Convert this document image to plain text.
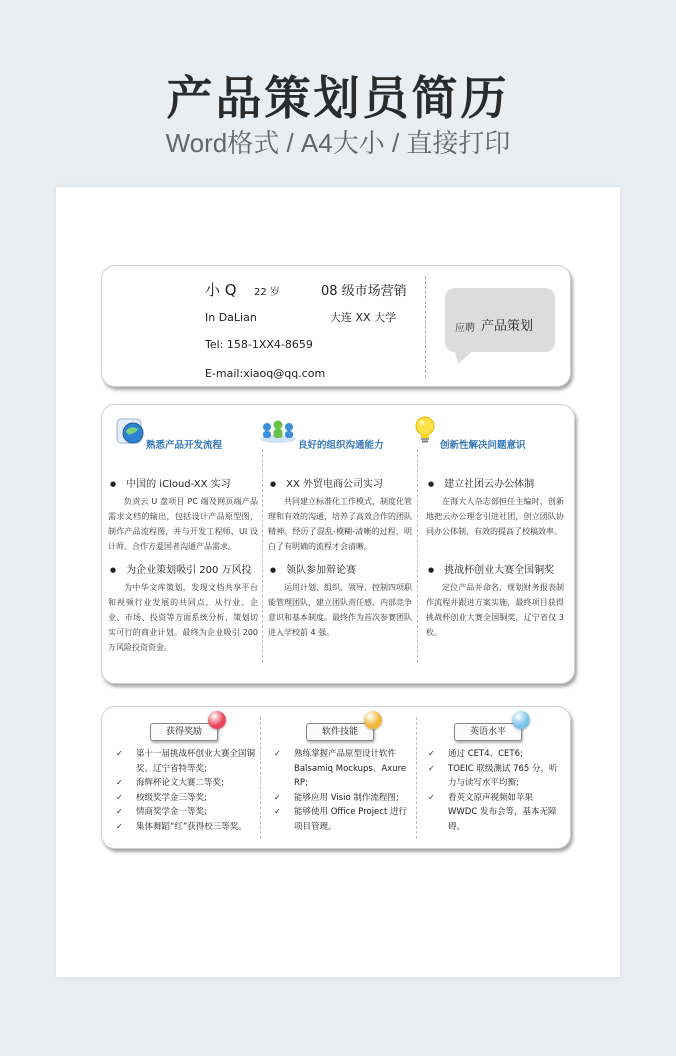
产品策划员简历
Word格式 / A4大小 / 直接打印
小 Q 22 岁	08 级市场营销
In DaLian	大连 XX 大学
Tel: 158-1XX4-8659
E-mail:xiaoq@qq.com
应聘 产品策划
熟悉产品开发流程
● 中国的 iCloud-XX 实习
负责云 U 盘项目 PC 端及网页端产品需求文档的输出，包括设计产品原型图，制作产品流程图，并与开发工程师、UI 设计师、合作方爱国者沟通产品需求。
● 为企业策划吸引 200 万风投
为中华文库策划，发现文档共享平台和视频行业发展的共同点，从行业、企业、市场、投资等方面系统分析，策划切实可行的商业计划。最终为企业吸引 200 万风险投资资金。
良好的组织沟通能力
● XX 外贸电商公司实习
共同建立标准化工作模式，制度化管理和有效的沟通，培养了高效合作的团队精神。经历了混乱-模糊-清晰的过程，明白了有明确的流程才会清晰。
● 领队参加辩论赛
运用计划、组织、领导、控制四项职能管理团队，建立团队责任感、内部竞争意识和基本制度。最终作为首次参赛团队进入学校前 4 强。
创新性解决问题意识
● 建立社团云办公体制
在海大人杂志部担任主编时，创新地把云办公理念引进社团，创立团队协同办公体制，有效的提高了校稿效率。
● 挑战杯创业大赛全国铜奖
定位产品并命名，规划财务报表制作流程并跟进方案实施，最终项目获得挑战杯创业大赛全国铜奖，辽宁省仅 3 枚。
获得奖励
✓ 第十一届挑战杯创业大赛全国铜奖、辽宁省特等奖;
✓ 海辉杯论文大赛二等奖;
✓ 校级奖学金三等奖;
✓ 情商奖学金一等奖;
✓ 集体舞蹈“红”获得校三等奖。
软件技能
✓ 熟练掌握产品原型设计软件 Balsamiq Mockups、Axure RP;
✓ 能够应用 Visio 制作流程图;
✓ 能够使用 Office Project 进行项目管理。
英语水平
✓ 通过 CET4、CET6;
✓ TOEIC 联级测试 765 分，听力与读写水平均衡;
✓ 看英文原声视频如苹果 WWDC 发布会等，基本无障碍。
